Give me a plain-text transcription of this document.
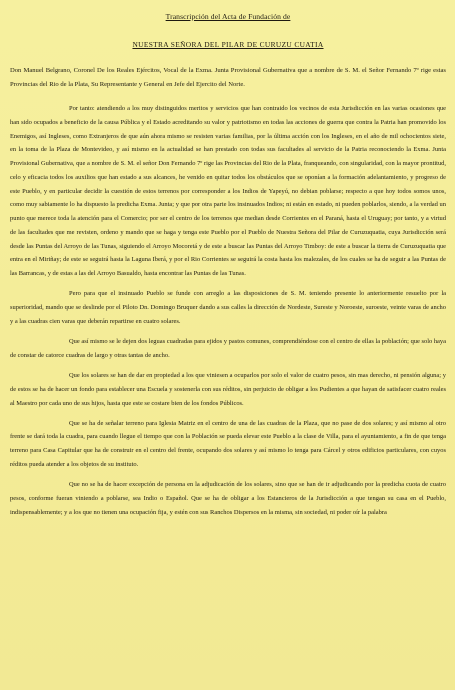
Transcripción del Acta de Fundación de
NUESTRA SEÑORA DEL PILAR DE CURUZU CUATIA

Don Manuel Belgrano, Coronel De los Reales Ejércitos, Vocal de la Exma. Junta Provisional Gubernativa que a nombre de S. M. el Señor Fernando 7º rige estas Provincias del Rio de la Plata, Su Representante y General en Jefe del Ejercito del Norte.

Por tanto: atendiendo a los muy distinguidos meritos y servicios que han contraido los vecinos de esta Jurisdicción en las varias ocasiones que han sido ocupados a beneficio de la causa Pública y el Estado acreditando su valor y patriotismo en todas las acciones de guerra que contra la Patria han promovido los Enemigos, así Ingleses, como Extranjeros de que aún ahora mismo se resisten varias familias, por la última acción con los Ingleses, en el año de mil ochocientos siete, en la toma de la Plaza de Montevideo, y así mismo en la actualidad se han prestado con todas sus facultades al servicio de la Patria reconociendo la Exma. Junta Provisional Gubernativa, que a nombre de S. M. el señor Don Fernando 7º rige las Provincias del Rio de la Plata, franqueando, con singularidad, con la mayor prontitud, celo y eficacia todos los auxilios que han estado a sus alcances, he venido en quitar todos los obstáculos que se oponían a la formación adelantamiento, y progreso de este Pueblo, y en particular decidir la cuestión de estos terrenos por corresponder a los Indios de Yapeyú, no debian poblarse; respecto a que hoy todos somos unos, como muy sabiamente lo ha dispuesto la predicha Exma. Junta; y que por otra parte los insinuados Indios; ni están en estado, ni pueden poblarlos, siendo, a la verdad un punto que merece toda la atención para el Comercio; por ser el centro de los terrenos que median desde Corrientes en el Paraná, hasta el Uruguay; por tanto, y a virtud de las facultades que me revisten, ordeno y mando que se haga y tenga este Pueblo por el Pueblo de Nuestra Señora del Pilar de Curuzuquatia, cuya Jurisdicción será desde las Puntas del Arroyo de las Tunas, siguiendo el Arroyo Mocoretá y de este a buscar las Puntas del Arroyo Timboy: de este a buscar la tierra de Curuzuquatia que entra en el Miriñay; de este se seguirá hasta la Laguna Iberá, y por el Rio Corrientes se seguirá la costa hasta los malezales, de los cuales se ha de seguir a las Puntas de las Barrancas, y de estas a las del Arroyo Basualdo, hasta encontrar las Puntas de las Tunas.

Pero para que el insinuado Pueblo se funde con arreglo a las disposiciones de S. M. teniendo presente lo anteriormente resuelto por la superioridad, mando que se deslinde por el Piloto Dn. Domingo Bruquer dando a sus calles la dirección de Nordeste, Sureste y Noroeste, suroeste, veinte varas de ancho y a las cuadras cien varas que deberán repartirse en cuatro solares.

Que así mismo se le dejen dos leguas cuadradas para ejidos y pastos comunes, comprendiéndose con el centro de ellas la población; que solo haya de constar de catorce cuadras de largo y otras tantas de ancho.

Que los solares se han de dar en propiedad a los que viniesen a ocuparlos por solo el valor de cuatro pesos, sin mas derecho, ni pensión alguna; y de estos se ha de hacer un fondo para establecer una Escuela y sostenerla con sus réditos, sin perjuicio de obligar a los Pudientes a que hayan de satisfacer cuatro reales al Maestro por cada uno de sus hijos, hasta que este se costare bien de los fondos Públicos.

Que se ha de señalar terreno para Iglesia Matriz en el centro de una de las cuadras de la Plaza, que no pase de dos solares; y así mismo al otro frente se dará toda la cuadra, para cuando llegue el tiempo que con la Población se pueda elevar este Pueblo a la clase de Villa, para el ayuntamiento, a fin de que tenga terreno para Casa Capitular que ha de construir en el centro del frente, ocupando dos solares y así mismo lo tenga para Cárcel y otros edificios particulares, con cuyos réditos pueda atender a los objetos de su instituto.

Que no se ha de hacer excepción de persona en la adjudicación de los solares, sino que se han de ir adjudicando por la predicha cuota de cuatro pesos, conforme fueran viniendo a poblarse, sea Indio o Español. Que se ha de obligar a los Estancieros de la Jurisdicción a que tengan su casa en el Pueblo, indispensablemente; y a los que no tienen una ocupación fija, y estén con sus Ranchos Dispersos en la misma, sin sociedad, ni poder oír la palabra
